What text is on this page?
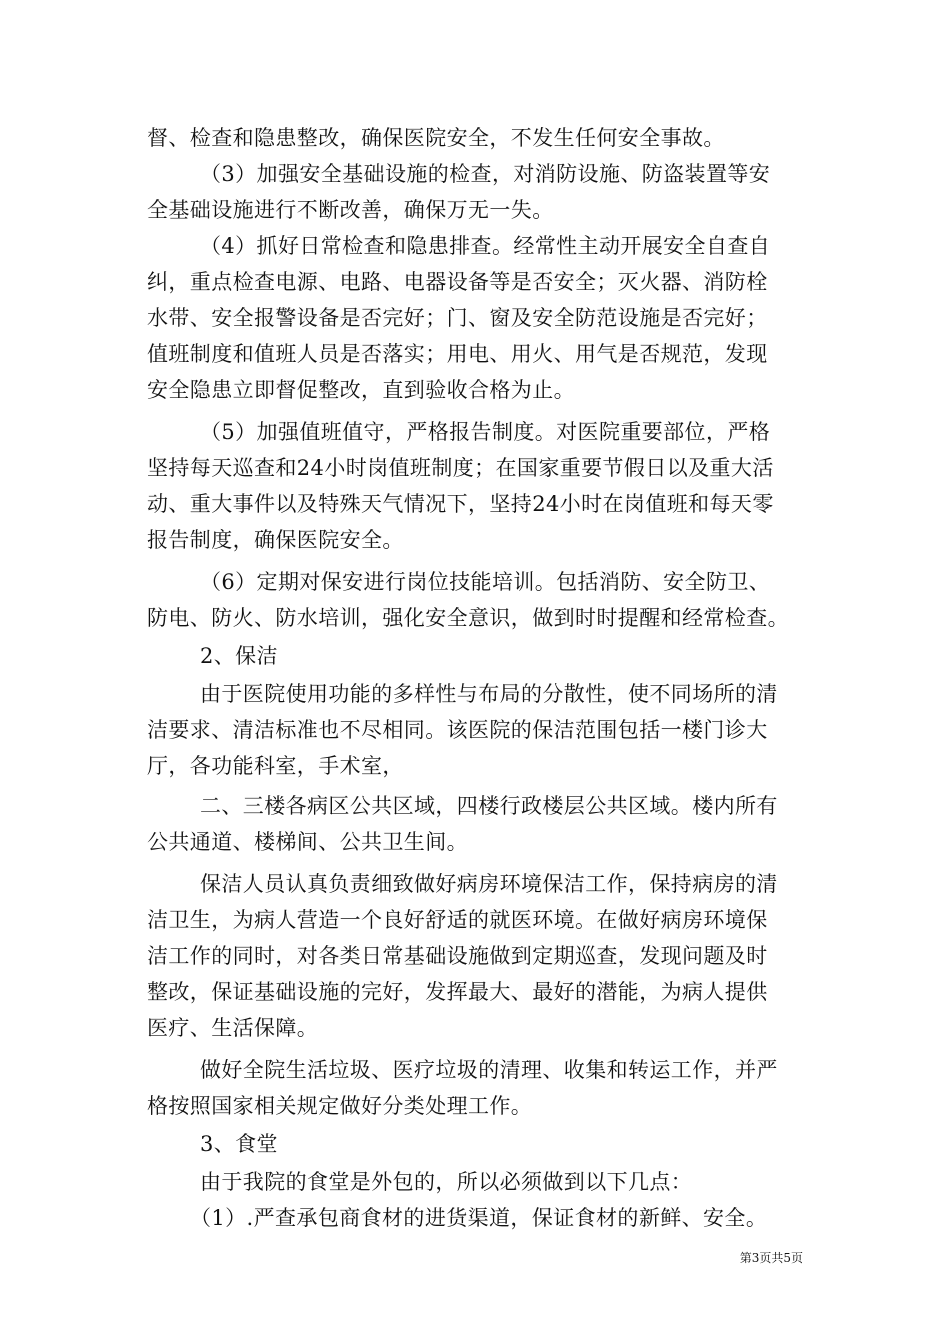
督、检查和隐患整改，确保医院安全，不发生任何安全事故。
（3）加强安全基础设施的检查，对消防设施、防盗装置等安
全基础设施进行不断改善，确保万无一失。
（4）抓好日常检查和隐患排查。经常性主动开展安全自查自
纠，重点检查电源、电路、电器设备等是否安全；灭火器、消防栓
水带、安全报警设备是否完好；门、窗及安全防范设施是否完好；
值班制度和值班人员是否落实；用电、用火、用气是否规范，发现
安全隐患立即督促整改，直到验收合格为止。
（5）加强值班值守，严格报告制度。对医院重要部位，严格
坚持每天巡查和24小时岗值班制度；在国家重要节假日以及重大活
动、重大事件以及特殊天气情况下，坚持24小时在岗值班和每天零
报告制度，确保医院安全。
（6）定期对保安进行岗位技能培训。包括消防、安全防卫、
防电、防火、防水培训，强化安全意识，做到时时提醒和经常检查。
2、保洁
由于医院使用功能的多样性与布局的分散性，使不同场所的清
洁要求、清洁标准也不尽相同。该医院的保洁范围包括一楼门诊大
厅，各功能科室，手术室，
二、三楼各病区公共区域，四楼行政楼层公共区域。楼内所有
公共通道、楼梯间、公共卫生间。
保洁人员认真负责细致做好病房环境保洁工作，保持病房的清
洁卫生，为病人营造一个良好舒适的就医环境。在做好病房环境保
洁工作的同时，对各类日常基础设施做到定期巡查，发现问题及时
整改，保证基础设施的完好，发挥最大、最好的潜能，为病人提供
医疗、生活保障。
做好全院生活垃圾、医疗垃圾的清理、收集和转运工作，并严
格按照国家相关规定做好分类处理工作。
3、食堂
由于我院的食堂是外包的，所以必须做到以下几点：
（1）.严查承包商食材的进货渠道，保证食材的新鲜、安全。
第3页共5页
